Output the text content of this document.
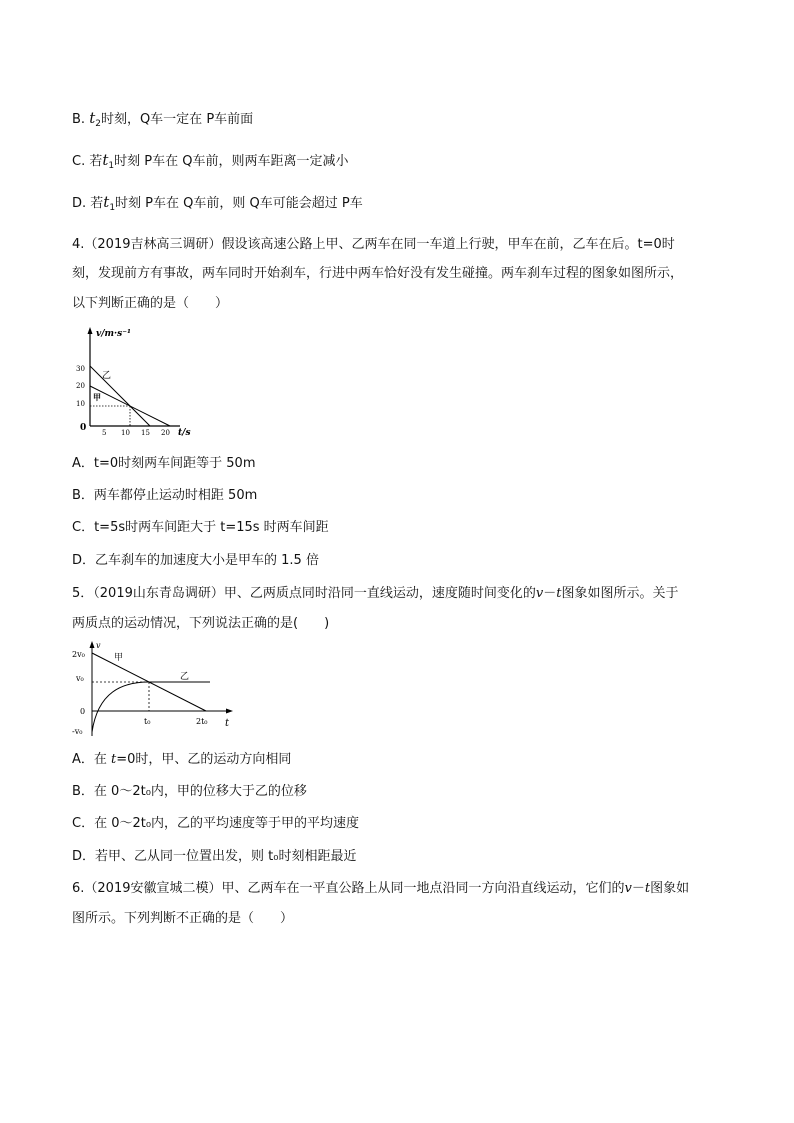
B. $t_2$时刻，Q车一定在 P车前面
C. 若$t_1$时刻 P车在 Q车前，则两车距离一定减小
D. 若$t_1$时刻 P车在 Q车前，则 Q车可能会超过 P车
4.（2019吉林高三调研）假设该高速公路上甲、乙两车在同一车道上行驶，甲车在前，乙车在后。t=0时
刻，发现前方有事故，两车同时开始刹车，行进中两车恰好没有发生碰撞。两车刹车过程的图象如图所示，
以下判断正确的是（　　）
v/m·s⁻¹
t/s
30
20
10
0 5 10 15 20
乙
甲
A．t=0时刻两车间距等于 50m
B．两车都停止运动时相距 50m
C．t=5s时两车间距大于 t=15s 时两车间距
D．乙车刹车的加速度大小是甲车的 1.5 倍
5．（2019山东青岛调研）甲、乙两质点同时沿同一直线运动，速度随时间变化的v－t图象如图所示。关于
两质点的运动情况，下列说法正确的是(　　)
v
t
2v₀
v₀
0
-v₀
t₀	2t₀
甲
乙
A．在 t=0时，甲、乙的运动方向相同
B．在 0～2t₀内，甲的位移大于乙的位移
C．在 0～2t₀内，乙的平均速度等于甲的平均速度
D．若甲、乙从同一位置出发，则 t₀时刻相距最近
6.（2019安徽宣城二模）甲、乙两车在一平直公路上从同一地点沿同一方向沿直线运动，它们的v－t图象如
图所示。下列判断不正确的是（　　）
